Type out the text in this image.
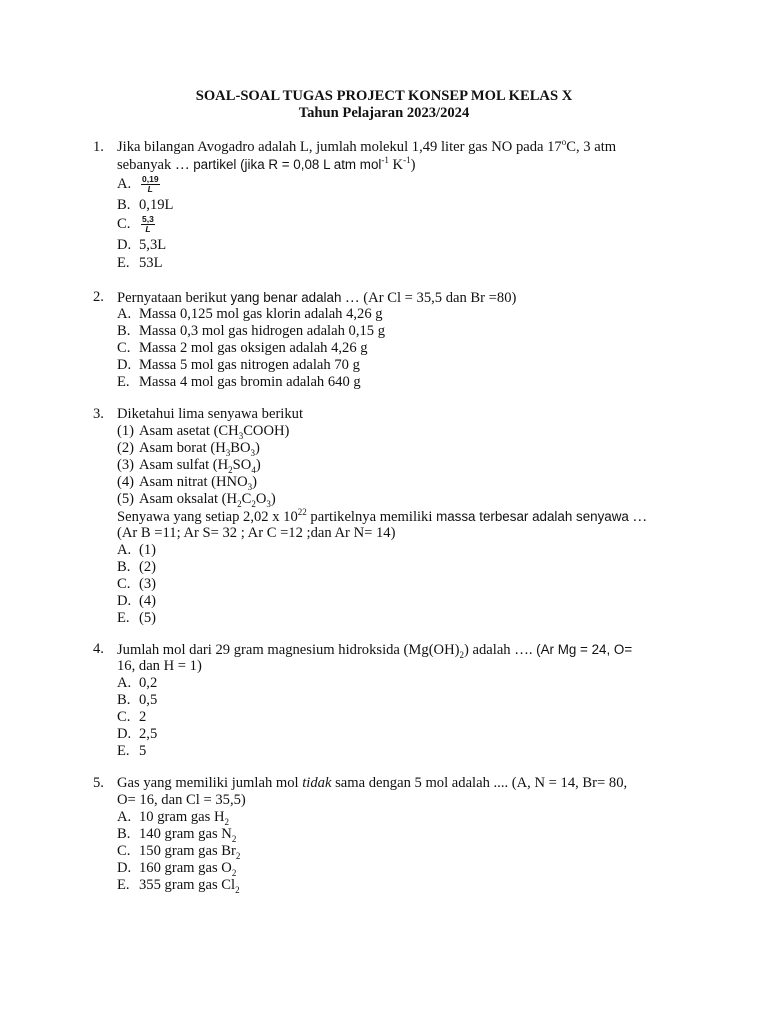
SOAL-SOAL TUGAS PROJECT KONSEP MOL KELAS X
Tahun Pelajaran 2023/2024
1. Jika bilangan Avogadro adalah L, jumlah molekul 1,49 liter gas NO pada 17$^o$C, 3 atm
sebanyak … partikel (jika R = 0,08 L atm mol$^{-1}$ $K^{-1}$)
A. $\frac{0,19}{L}$
B. 0,19L
C. $\frac{5,3}{L}$
D. 5,3L
E. 53L
2. Pernyataan berikut yang benar adalah … (Ar Cl = 35,5 dan Br =80)
A. Massa 0,125 mol gas klorin adalah 4,26 g
B. Massa 0,3 mol gas hidrogen adalah 0,15 g
C. Massa 2 mol gas oksigen adalah 4,26 g
D. Massa 5 mol gas nitrogen adalah 70 g
E. Massa 4 mol gas bromin adalah 640 g
3. Diketahui lima senyawa berikut
(1) Asam asetat $(CH_3COOH)$
(2) Asam borat $(H_3BO_3)$
(3) Asam sulfat $(H_2SO_4)$
(4) Asam nitrat $(HNO_3)$
(5) Asam oksalat $(H_2C_2O_3)$
Senyawa yang setiap 2,02 x $10^{22}$ partikelnya memiliki massa terbesar adalah senyawa …
(Ar B =11; Ar S= 32 ; Ar C =12 ;dan Ar N= 14)
A. (1)
B. (2)
C. (3)
D. (4)
E. (5)
4. Jumlah mol dari 29 gram magnesium hidroksida $(Mg(OH)_2)$ adalah …. (Ar Mg = 24, O=
16, dan H = 1)
A. 0,2
B. 0,5
C. 2
D. 2,5
E. 5
5. Gas yang memiliki jumlah mol tidak sama dengan 5 mol adalah .... (A, N = 14, Br= 80,
O= 16, dan Cl = 35,5)
A. 10 gram gas $H_2$
B. 140 gram gas $N_2$
C. 150 gram gas $Br_2$
D. 160 gram gas $O_2$
E. 355 gram gas $Cl_2$
